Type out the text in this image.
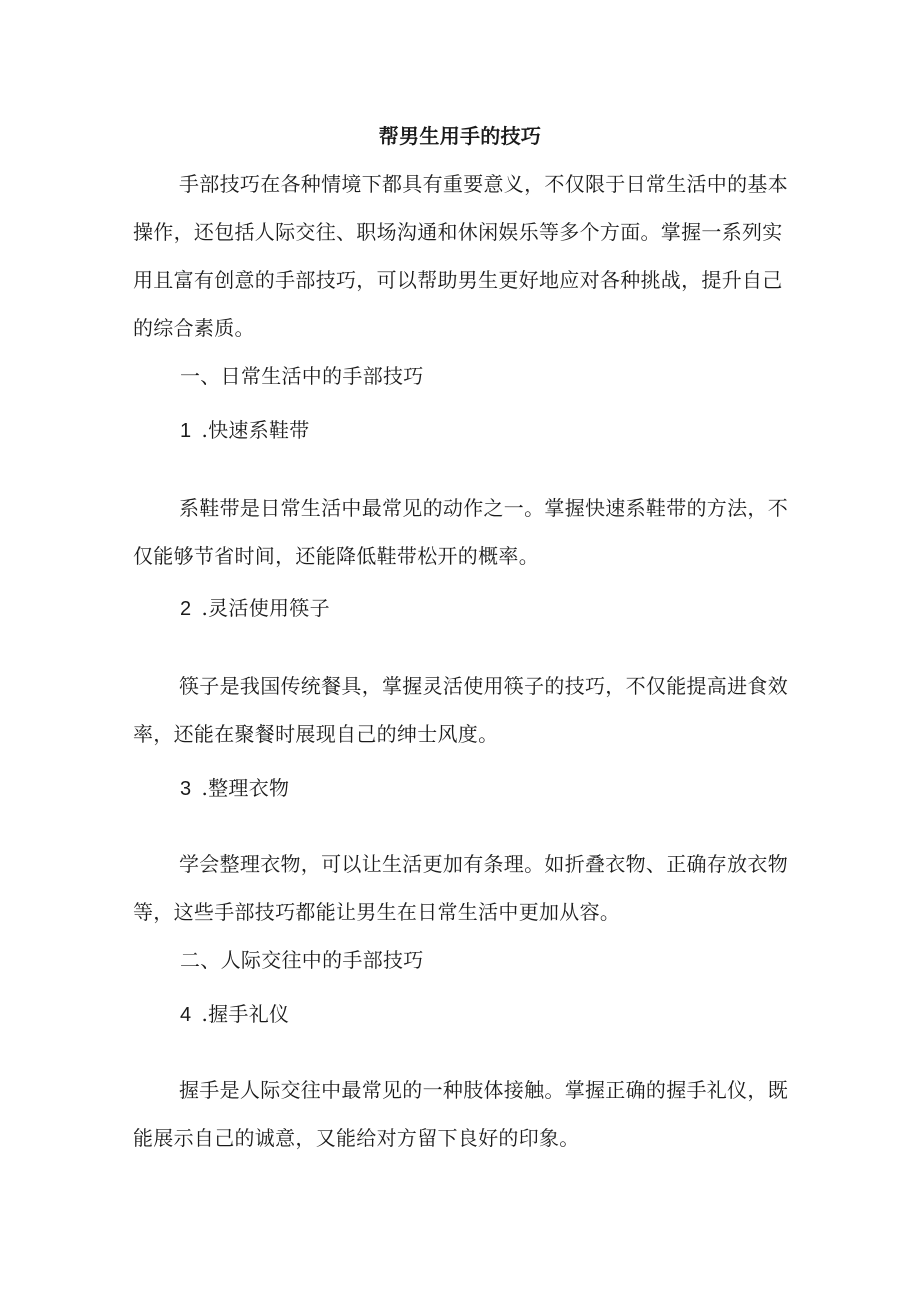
帮男生用手的技巧

手部技巧在各种情境下都具有重要意义，不仅限于日常生活中的基本操作，还包括人际交往、职场沟通和休闲娱乐等多个方面。掌握一系列实用且富有创意的手部技巧，可以帮助男生更好地应对各种挑战，提升自己的综合素质。

一、日常生活中的手部技巧

1 .快速系鞋带

系鞋带是日常生活中最常见的动作之一。掌握快速系鞋带的方法，不仅能够节省时间，还能降低鞋带松开的概率。

2 .灵活使用筷子

筷子是我国传统餐具，掌握灵活使用筷子的技巧，不仅能提高进食效率，还能在聚餐时展现自己的绅士风度。

3 .整理衣物

学会整理衣物，可以让生活更加有条理。如折叠衣物、正确存放衣物等，这些手部技巧都能让男生在日常生活中更加从容。

二、人际交往中的手部技巧

4 .握手礼仪

握手是人际交往中最常见的一种肢体接触。掌握正确的握手礼仪，既能展示自己的诚意，又能给对方留下良好的印象。
